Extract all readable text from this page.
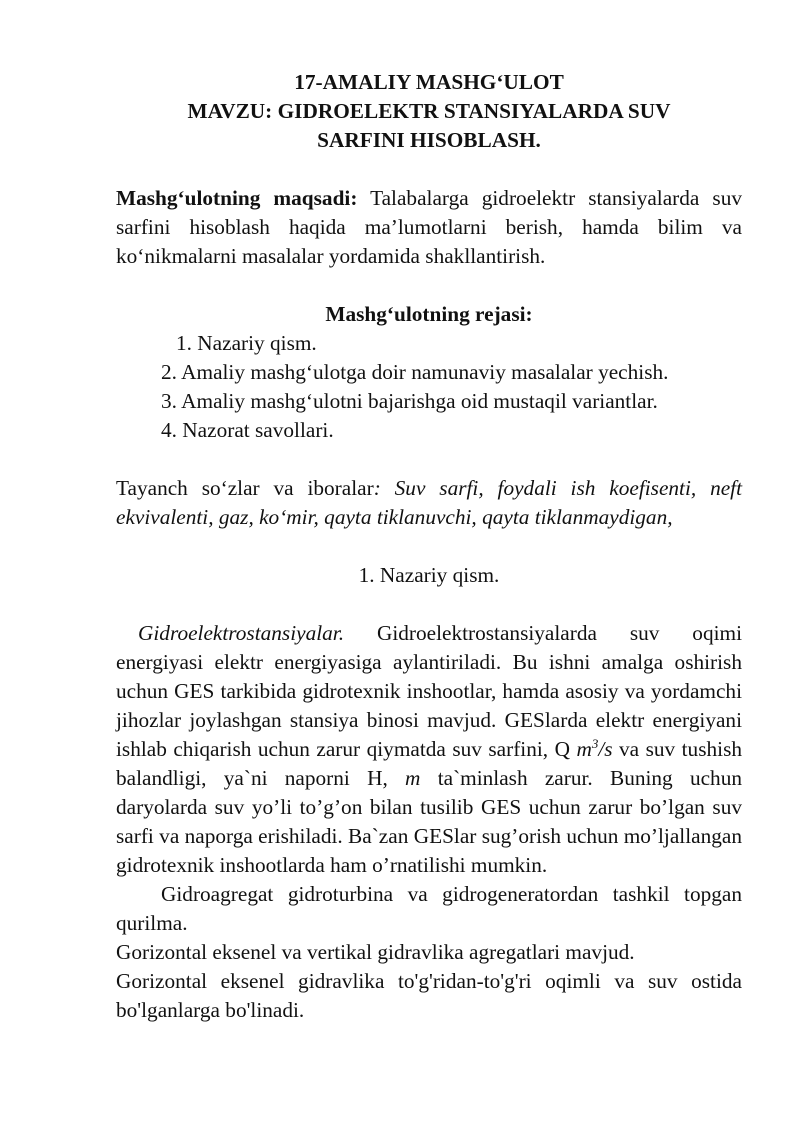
17-AMALIY MASHG‘ULOT

MAVZU: GIDROELEKTR STANSIYALARDA SUV

SARFINI HISOBLASH.

Mashg‘ulotning maqsadi: Talabalarga gidroelektr stansiyalarda suv sarfini hisoblash haqida ma’lumotlarni berish, hamda bilim va ko‘nikmalarni masalalar yordamida shakllantirish.

Mashg‘ulotning rejasi:

1. Nazariy qism.

2. Amaliy mashg‘ulotga doir namunaviy masalalar yechish.

3. Amaliy mashg‘ulotni bajarishga oid mustaqil variantlar.

4. Nazorat savollari.

Tayanch so‘zlar va iboralar: Suv sarfi, foydali ish koefisenti, neft ekvivalenti, gaz, ko‘mir, qayta tiklanuvchi, qayta tiklanmaydigan,

1. Nazariy qism.

Gidroelektrostansiyalar. Gidroelektrostansiyalarda suv oqimi energiyasi elektr energiyasiga aylantiriladi. Bu ishni amalga oshirish uchun GES tarkibida gidrotexnik inshootlar, hamda asosiy va yordamchi jihozlar joylashgan stansiya binosi mavjud. GESlarda elektr energiyani ishlab chiqarish uchun zarur qiymatda suv sarfini, Q $m^3/s$ va suv tushish balandligi, ya`ni naporni H, m ta`minlash zarur. Buning uchun daryolarda suv yo’li to’g’on bilan tusilib GES uchun zarur bo’lgan suv sarfi va naporga erishiladi. Ba`zan GESlar sug’orish uchun mo’ljallangan gidrotexnik inshootlarda ham o’rnatilishi mumkin.

Gidroagregat gidroturbina va gidrogeneratordan tashkil topgan qurilma.

Gorizontal eksenel va vertikal gidravlika agregatlari mavjud.

Gorizontal eksenel gidravlika to'g'ridan-to'g'ri oqimli va suv ostida bo'lganlarga bo'linadi.
